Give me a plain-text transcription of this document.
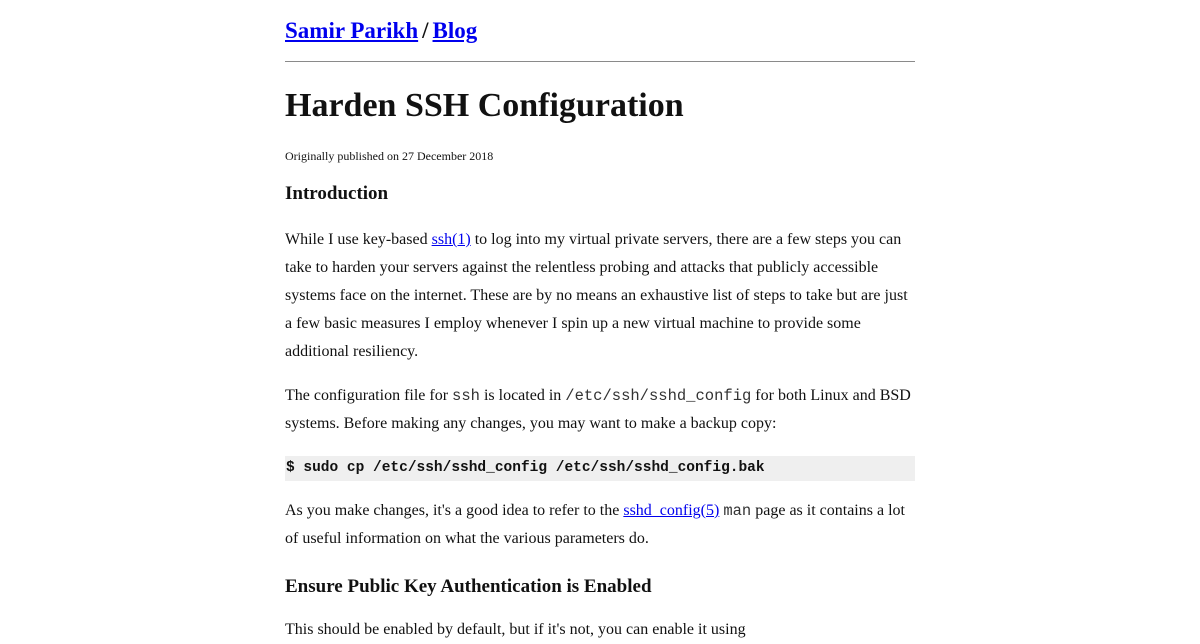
Samir Parikh / Blog
Harden SSH Configuration
Originally published on 27 December 2018
Introduction

While I use key-based ssh(1) to log into my virtual private servers, there are a few steps you can take to harden your servers against the relentless probing and attacks that publicly accessible systems face on the internet. These are by no means an exhaustive list of steps to take but are just a few basic measures I employ whenever I spin up a new virtual machine to provide some additional resiliency.

The configuration file for ssh is located in /etc/ssh/sshd_config for both Linux and BSD systems. Before making any changes, you may want to make a backup copy:

$ sudo cp /etc/ssh/sshd_config /etc/ssh/sshd_config.bak

As you make changes, it's a good idea to refer to the sshd_config(5) man page as it contains a lot of useful information on what the various parameters do.

Ensure Public Key Authentication is Enabled

This should be enabled by default, but if it's not, you can enable it using
